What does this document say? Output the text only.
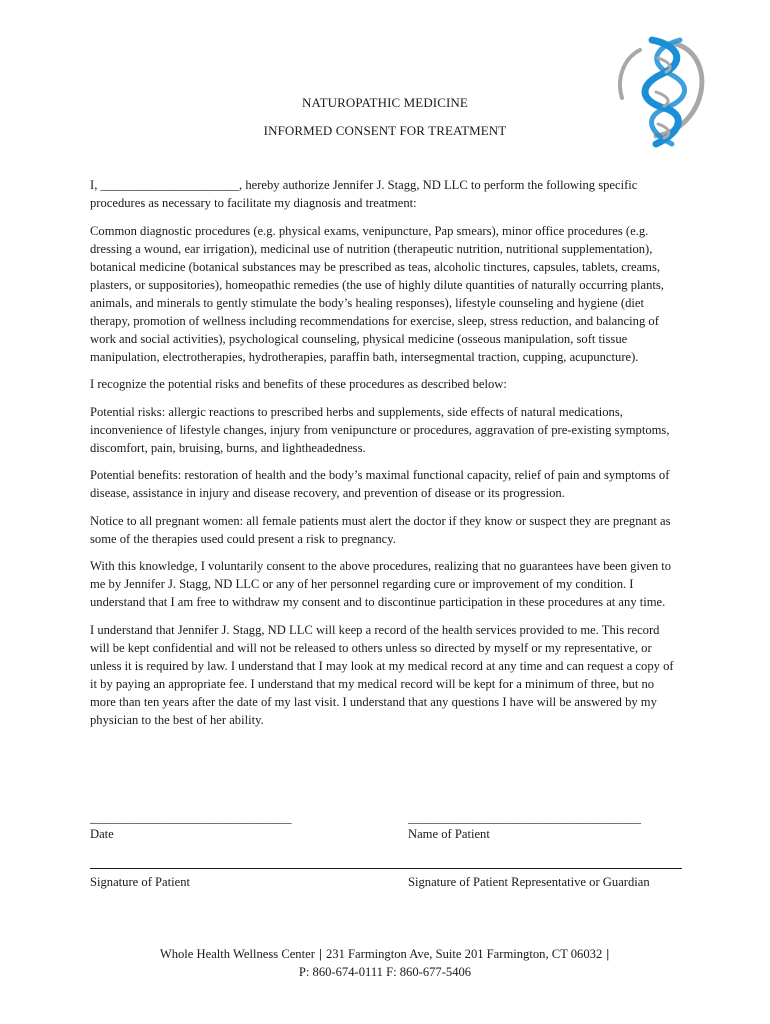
NATUROPATHIC MEDICINE
INFORMED CONSENT FOR TREATMENT

I, ______________________, hereby authorize Jennifer J. Stagg, ND LLC to perform the following specific procedures as necessary to facilitate my diagnosis and treatment:

Common diagnostic procedures (e.g. physical exams, venipuncture, Pap smears), minor office procedures (e.g. dressing a wound, ear irrigation), medicinal use of nutrition (therapeutic nutrition, nutritional supplementation), botanical medicine (botanical substances may be prescribed as teas, alcoholic tinctures, capsules, tablets, creams, plasters, or suppositories), homeopathic remedies (the use of highly dilute quantities of naturally occurring plants, animals, and minerals to gently stimulate the body’s healing responses), lifestyle counseling and hygiene (diet therapy, promotion of wellness including recommendations for exercise, sleep, stress reduction, and balancing of work and social activities), psychological counseling, physical medicine (osseous manipulation, soft tissue manipulation, electrotherapies, hydrotherapies, paraffin bath, intersegmental traction, cupping, acupuncture).

I recognize the potential risks and benefits of these procedures as described below:

Potential risks: allergic reactions to prescribed herbs and supplements, side effects of natural medications, inconvenience of lifestyle changes, injury from venipuncture or procedures, aggravation of pre-existing symptoms, discomfort, pain, bruising, burns, and lightheadedness.

Potential benefits: restoration of health and the body’s maximal functional capacity, relief of pain and symptoms of disease, assistance in injury and disease recovery, and prevention of disease or its progression.

Notice to all pregnant women: all female patients must alert the doctor if they know or suspect they are pregnant as some of the therapies used could present a risk to pregnancy.

With this knowledge, I voluntarily consent to the above procedures, realizing that no guarantees have been given to me by Jennifer J. Stagg, ND LLC or any of her personnel regarding cure or improvement of my condition. I understand that I am free to withdraw my consent and to discontinue participation in these procedures at any time.

I understand that Jennifer J. Stagg, ND LLC will keep a record of the health services provided to me. This record will be kept confidential and will not be released to others unless so directed by myself or my representative, or unless it is required by law. I understand that I may look at my medical record at any time and can request a copy of it by paying an appropriate fee. I understand that my medical record will be kept for a minimum of three, but no more than ten years after the date of my last visit. I understand that any questions I have will be answered by my physician to the best of her ability.

________________________________
Date
_____________________________________
Name of Patient
Signature of Patient	Signature of Patient Representative or Guardian
Whole Health Wellness Center | 231 Farmington Ave, Suite 201 Farmington, CT 06032 |
P: 860-674-0111 F: 860-677-5406
